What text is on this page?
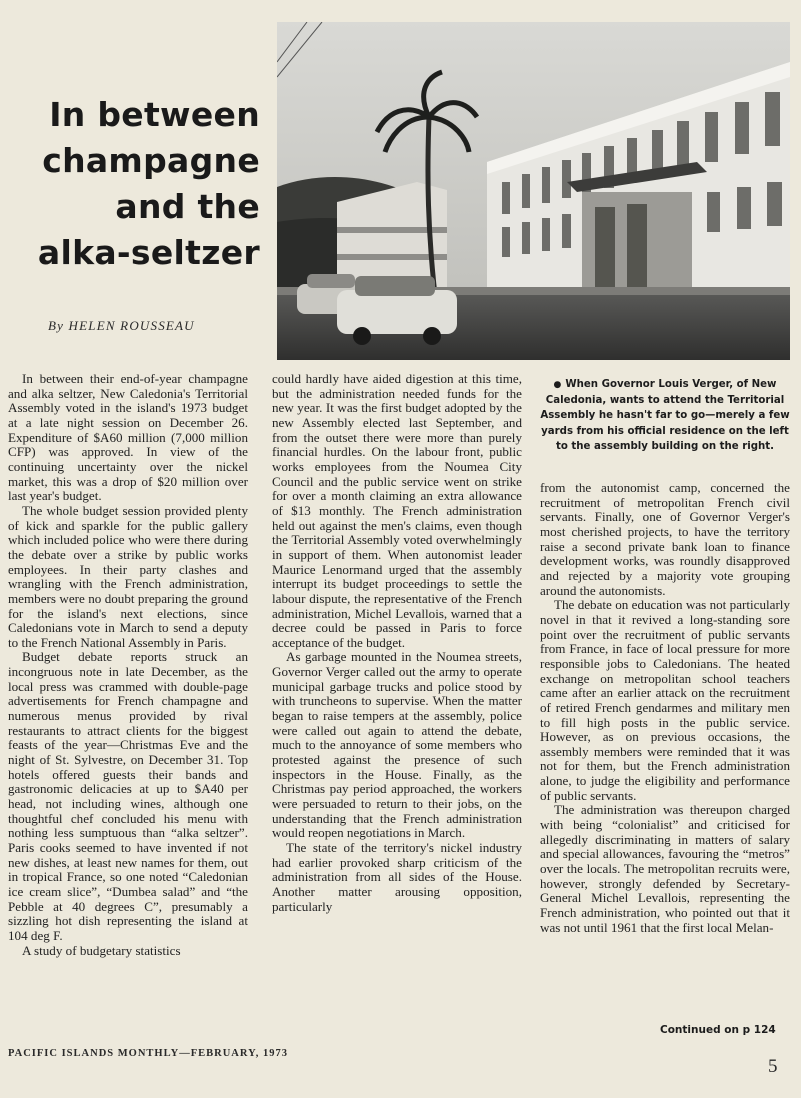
In between champagne and the alka-seltzer
By HELEN ROUSSEAU

In between their end-of-year champagne and alka seltzer, New Caledonia's Territorial Assembly voted in the island's 1973 budget at a late night session on December 26. Expenditure of $A60 million (7,000 million CFP) was approved. In view of the continuing uncertainty over the nickel market, this was a drop of $20 million over last year's budget.

The whole budget session provided plenty of kick and sparkle for the public gallery which included police who were there during the debate over a strike by public works employees. In their party clashes and wrangling with the French administration, members were no doubt preparing the ground for the island's next elections, since Caledonians vote in March to send a deputy to the French National Assembly in Paris.

Budget debate reports struck an incongruous note in late December, as the local press was crammed with double-page advertisements for French champagne and numerous menus provided by rival restaurants to attract clients for the biggest feasts of the year—Christmas Eve and the night of St. Sylvestre, on December 31. Top hotels offered guests their bands and gastronomic delicacies at up to $A40 per head, not including wines, although one thoughtful chef concluded his menu with nothing less sumptuous than “alka seltzer”. Paris cooks seemed to have invented if not new dishes, at least new names for them, out in tropical France, so one noted “Caledonian ice cream slice”, “Dumbea salad” and “the Pebble at 40 degrees C”, presumably a sizzling hot dish representing the island at 104 deg F.

A study of budgetary statistics

could hardly have aided digestion at this time, but the administration needed funds for the new year. It was the first budget adopted by the new Assembly elected last September, and from the outset there were more than purely financial hurdles. On the labour front, public works employees from the Noumea City Council and the public service went on strike for over a month claiming an extra allowance of $13 monthly. The French administration held out against the men's claims, even though the Territorial Assembly voted overwhelmingly in support of them. When autonomist leader Maurice Lenormand urged that the assembly interrupt its budget proceedings to settle the labour dispute, the representative of the French administration, Michel Levallois, warned that a decree could be passed in Paris to force acceptance of the budget.

As garbage mounted in the Noumea streets, Governor Verger called out the army to operate municipal garbage trucks and police stood by with truncheons to supervise. When the matter began to raise tempers at the assembly, police were called out again to attend the debate, much to the annoyance of some members who protested against the presence of such inspectors in the House. Finally, as the Christmas pay period approached, the workers were persuaded to return to their jobs, on the understanding that the French administration would reopen negotiations in March.

The state of the territory's nickel industry had earlier provoked sharp criticism of the administration from all sides of the House. Another matter arousing opposition, particularly

● When Governor Louis Verger, of New Caledonia, wants to attend the Territorial Assembly he hasn't far to go—merely a few yards from his official residence on the left to the assembly building on the right.

from the autonomist camp, concerned the recruitment of metropolitan French civil servants. Finally, one of Governor Verger's most cherished projects, to have the territory raise a second private bank loan to finance development works, was roundly disapproved and rejected by a majority vote grouping around the autonomists.

The debate on education was not particularly novel in that it revived a long-standing sore point over the recruitment of public servants from France, in face of local pressure for more responsible jobs to Caledonians. The heated exchange on metropolitan school teachers came after an earlier attack on the recruitment of retired French gendarmes and military men to fill high posts in the public service. However, as on previous occasions, the assembly members were reminded that it was not for them, but the French administration alone, to judge the eligibility and performance of public servants.

The administration was thereupon charged with being “colonialist” and criticised for allegedly discriminating in matters of salary and special allowances, favouring the “metros” over the locals. The metropolitan recruits were, however, strongly defended by Secretary-General Michel Levallois, representing the French administration, who pointed out that it was not until 1961 that the first local Melan-

Continued on p 124
PACIFIC ISLANDS MONTHLY—FEBRUARY, 1973
5
